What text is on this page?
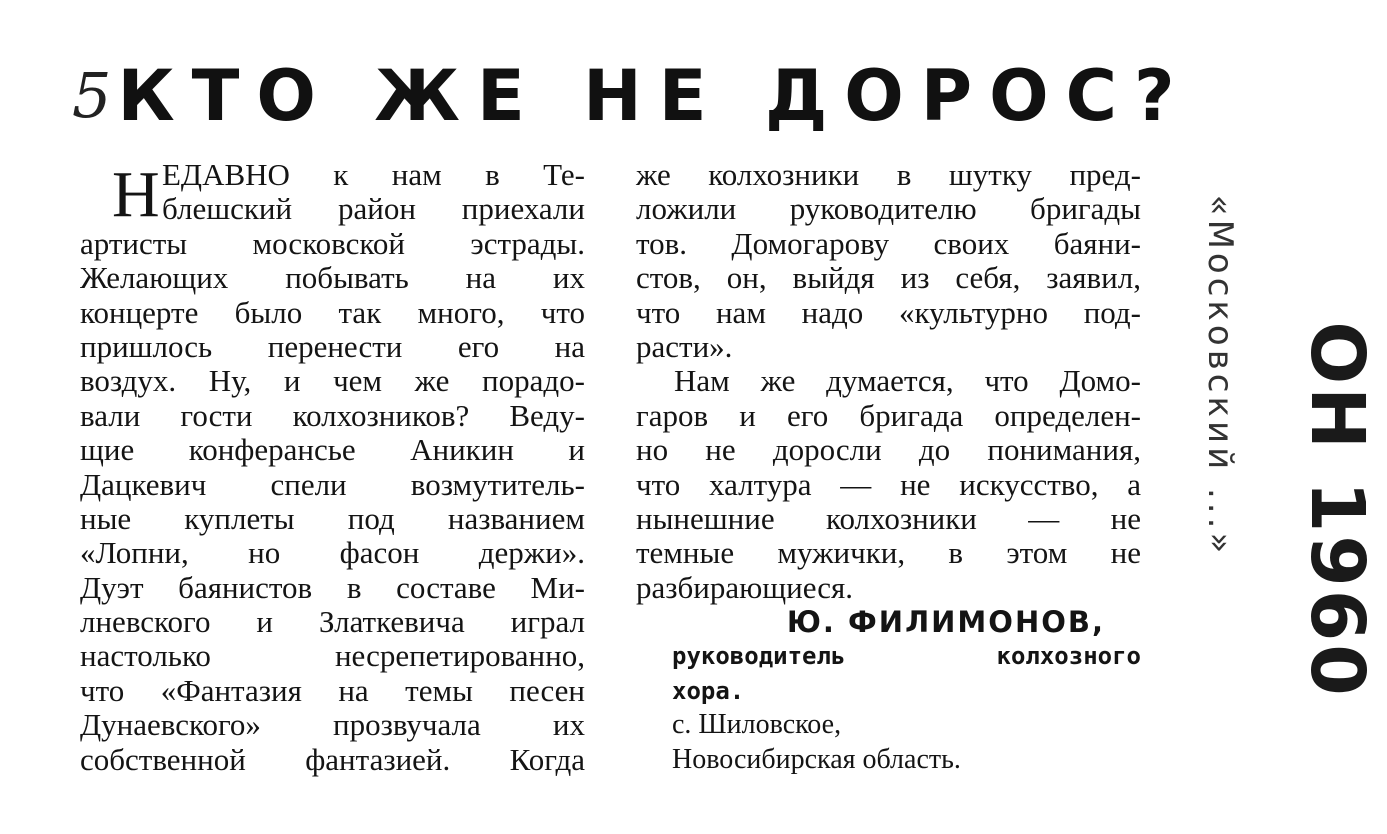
5 КТО ЖЕ НЕ ДОРОС?
Н ЕДАВНО к нам в Те-
блешский район приехали
артисты московской эстрады.
Желающих побывать на их
концерте было так много, что
пришлось перенести его на
воздух. Ну, и чем же порадо-
вали гости колхозников? Веду-
щие конферансье Аникин и
Дацкевич спели возмутитель-
ные куплеты под названием
«Лопни, но фасон держи».
Дуэт баянистов в составе Ми-
лневского и Златкевича играл
настолько несрепетированно,
что «Фантазия на темы песен
Дунаевского» прозвучала их
собственной фантазией. Когда
же колхозники в шутку пред-
ложили руководителю бригады
тов. Домогарову своих баяни-
стов, он, выйдя из себя, заявил,
что нам надо «культурно под-
расти».
Нам же думается, что Домо-
гаров и его бригада определен-
но не доросли до понимания,
что халтура — не искусство, а
нынешние колхозники — не
темные мужички, в этом не
разбирающиеся.
Ю. ФИЛИМОНОВ,
руководитель колхозного
хора.
с. Шиловское,
Новосибирская область.
«Московский ...» OH 1960
